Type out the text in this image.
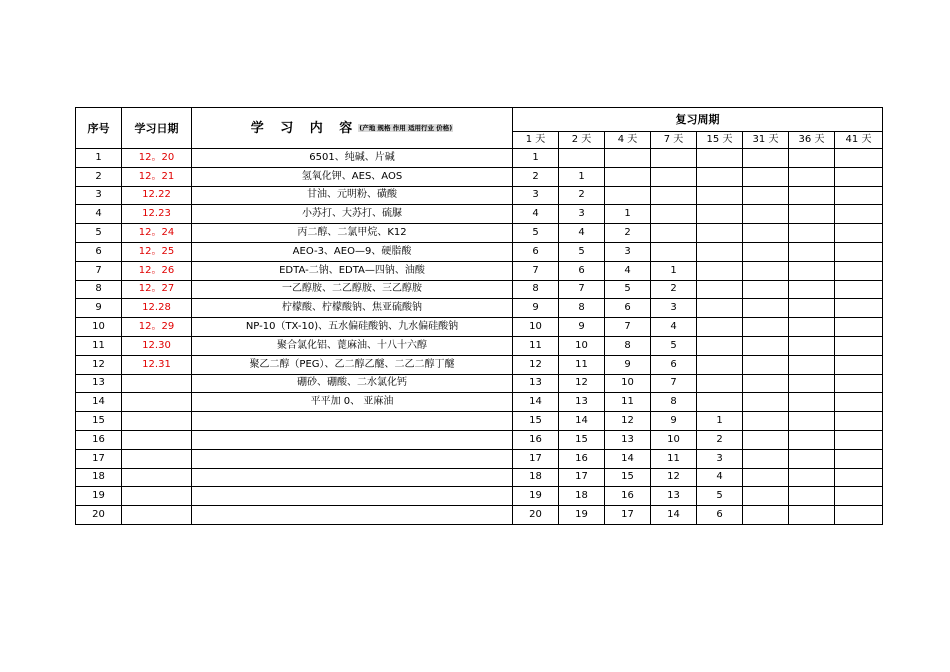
序号	学习日期	学 习 内 容$^{(产地 规格 作用 适用行业 价格)}$	复习周期							
			1 天	2 天	4 天	7 天	15 天	31 天	36 天	41 天
1	12。20	6501、纯碱、片碱	1							
2	12。21	氢氧化钾、AES、AOS	2	1						
3	12.22	甘油、元明粉、磺酸	3	2						
4	12.23	小苏打、大苏打、硫脲	4	3	1					
5	12。24	丙二醇、二氯甲烷、K12	5	4	2					
6	12。25	AEO-3、AEO—9、硬脂酸	6	5	3					
7	12。26	EDTA-二钠、EDTA—四钠、油酸	7	6	4	1				
8	12。27	一乙醇胺、二乙醇胺、三乙醇胺	8	7	5	2				
9	12.28	柠檬酸、柠檬酸钠、焦亚硫酸钠	9	8	6	3				
10	12。29	NP-10（TX-10)、五水偏硅酸钠、九水偏硅酸钠	10	9	7	4				
11	12.30	聚合氯化铝、蓖麻油、十八十六醇	11	10	8	5				
12	12.31	聚乙二醇（PEG）、乙二醇乙醚、二乙二醇丁醚	12	11	9	6				
13		硼砂、硼酸、二水氯化钙	13	12	10	7				
14		平平加 0、 亚麻油	14	13	11	8				
15			15	14	12	9	1			
16			16	15	13	10	2			
17			17	16	14	11	3			
18			18	17	15	12	4			
19			19	18	16	13	5			
20			20	19	17	14	6			
